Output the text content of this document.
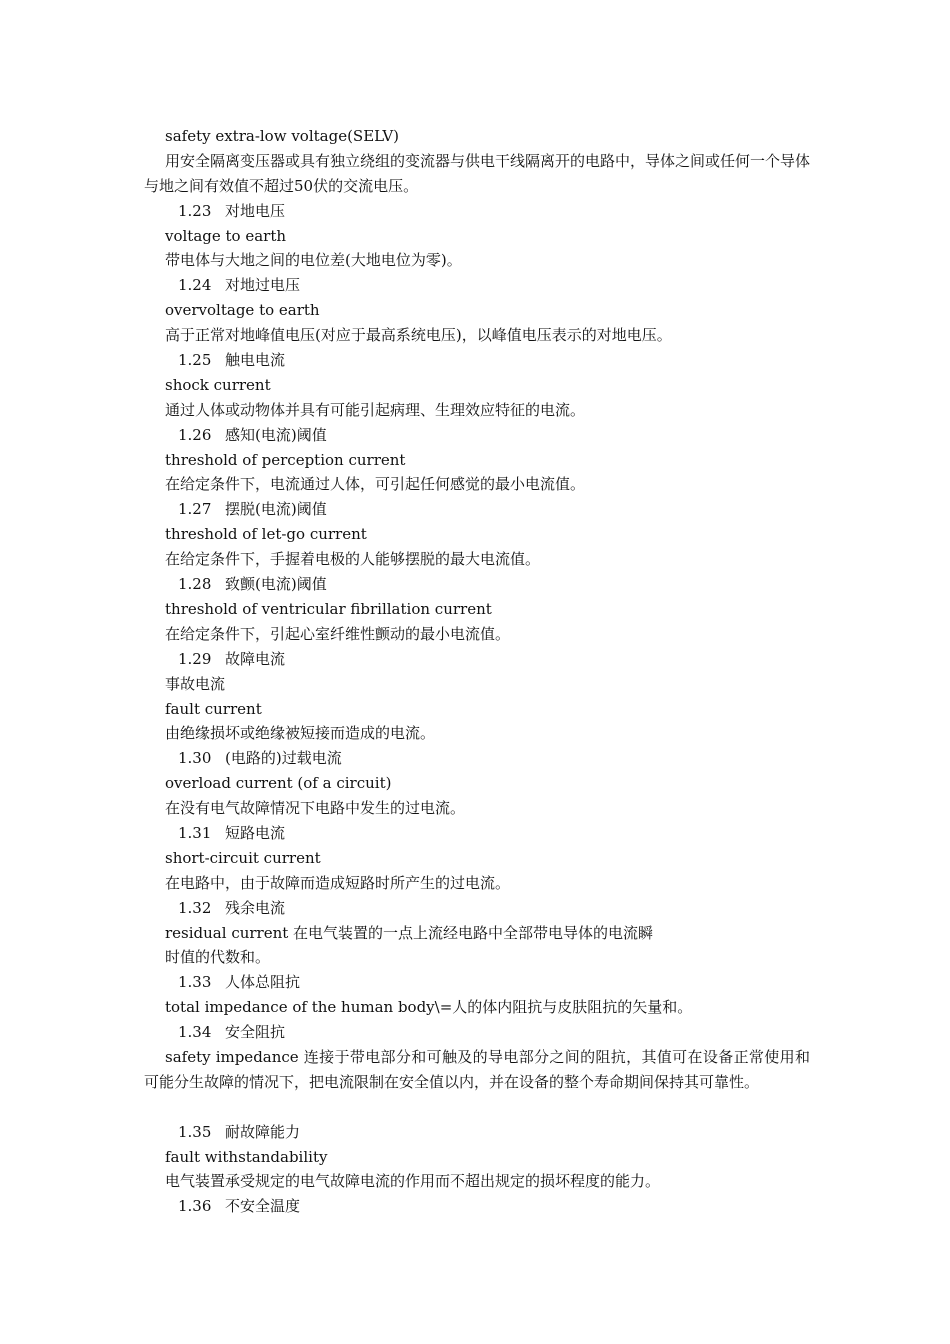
safety extra-low voltage(SELV)
用安全隔离变压器或具有独立绕组的变流器与供电干线隔离开的电路中，导体之间或任何一个导体与地之间有效值不超过50伏的交流电压。
1.23 对地电压
voltage to earth
带电体与大地之间的电位差(大地电位为零)。
1.24 对地过电压
overvoltage to earth
高于正常对地峰值电压(对应于最高系统电压)，以峰值电压表示的对地电压。
1.25 触电电流
shock current
通过人体或动物体并具有可能引起病理、生理效应特征的电流。
1.26 感知(电流)阈值
threshold of perception current
在给定条件下，电流通过人体，可引起任何感觉的最小电流值。
1.27 摆脱(电流)阈值
threshold of let-go current
在给定条件下，手握着电极的人能够摆脱的最大电流值。
1.28 致颤(电流)阈值
threshold of ventricular fibrillation current
在给定条件下，引起心室纤维性颤动的最小电流值。
1.29 故障电流
事故电流
fault current
由绝缘损坏或绝缘被短接而造成的电流。
1.30 (电路的)过载电流
overload current (of a circuit)
在没有电气故障情况下电路中发生的过电流。
1.31 短路电流
short-circuit current
在电路中，由于故障而造成短路时所产生的过电流。
1.32 残余电流
residual current 在电气装置的一点上流经电路中全部带电导体的电流瞬
时值的代数和。
1.33 人体总阻抗
total impedance of the human body\=人的体内阻抗与皮肤阻抗的矢量和。
1.34 安全阻抗
safety impedance 连接于带电部分和可触及的导电部分之间的阻抗，其值可在设备正常使用和可能分生故障的情况下，把电流限制在安全值以内，并在设备的整个寿命期间保持其可靠性。
1.35 耐故障能力
fault withstandability
电气装置承受规定的电气故障电流的作用而不超出规定的损坏程度的能力。
1.36 不安全温度
